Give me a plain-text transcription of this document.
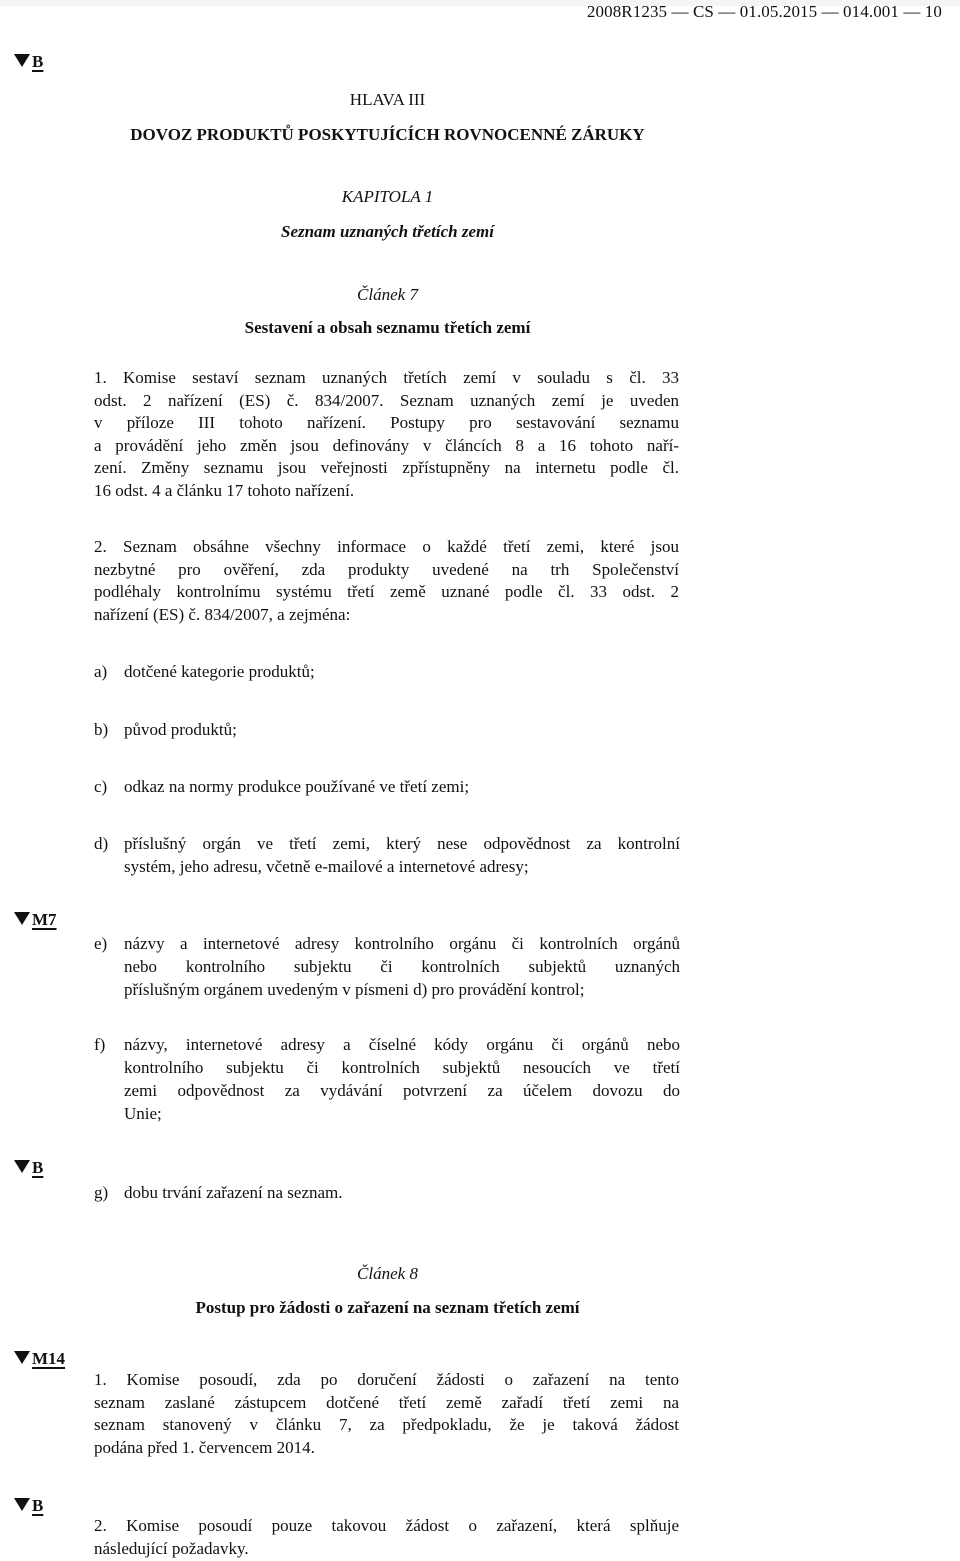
2008R1235 — CS — 01.05.2015 — 014.001 — 10
B
M7
B
M14
B
HLAVA III
DOVOZ PRODUKTŮ POSKYTUJÍCÍCH ROVNOCENNÉ ZÁRUKY
KAPITOLA 1
Seznam uznaných třetích zemí
Článek 7
Sestavení a obsah seznamu třetích zemí
1. Komise sestaví seznam uznaných třetích zemí v souladu s čl. 33
odst. 2 nařízení (ES) č. 834/2007. Seznam uznaných zemí je uveden
v příloze III tohoto nařízení. Postupy pro sestavování seznamu
a provádění jeho změn jsou definovány v článcích 8 a 16 tohoto naří-
zení. Změny seznamu jsou veřejnosti zpřístupněny na internetu podle čl.
16 odst. 4 a článku 17 tohoto nařízení.
2. Seznam obsáhne všechny informace o každé třetí zemi, které jsou
nezbytné pro ověření, zda produkty uvedené na trh Společenství
podléhaly kontrolnímu systému třetí země uznané podle čl. 33 odst. 2
nařízení (ES) č. 834/2007, a zejména:
a) dotčené kategorie produktů;
b) původ produktů;
c) odkaz na normy produkce používané ve třetí zemi;
d) příslušný orgán ve třetí zemi, který nese odpovědnost za kontrolní
systém, jeho adresu, včetně e-mailové a internetové adresy;
e) názvy a internetové adresy kontrolního orgánu či kontrolních orgánů
nebo kontrolního subjektu či kontrolních subjektů uznaných
příslušným orgánem uvedeným v písmeni d) pro provádění kontrol;
f) názvy, internetové adresy a číselné kódy orgánu či orgánů nebo
kontrolního subjektu či kontrolních subjektů nesoucích ve třetí
zemi odpovědnost za vydávání potvrzení za účelem dovozu do
Unie;
g) dobu trvání zařazení na seznam.
Článek 8
Postup pro žádosti o zařazení na seznam třetích zemí
1. Komise posoudí, zda po doručení žádosti o zařazení na tento
seznam zaslané zástupcem dotčené třetí země zařadí třetí zemi na
seznam stanovený v článku 7, za předpokladu, že je taková žádost
podána před 1. červencem 2014.
2. Komise posoudí pouze takovou žádost o zařazení, která splňuje
následující požadavky.
